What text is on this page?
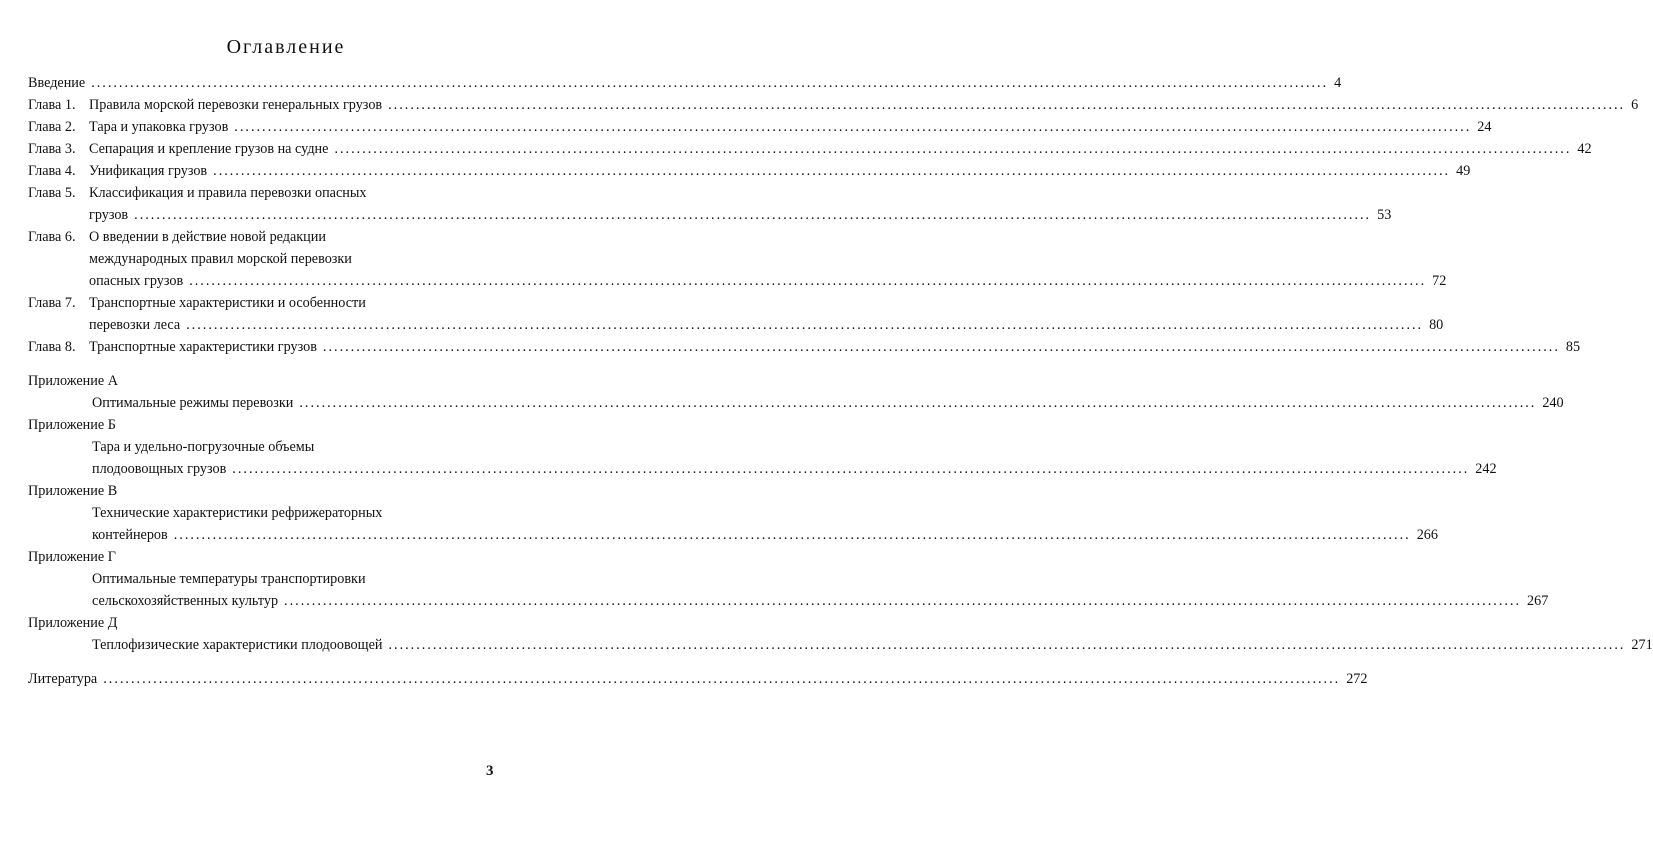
Оглавление
Введение .....	4
Глава 1. Правила морской перевозки генеральных грузов .....	6
Глава 2. Тара и упаковка грузов .....	24
Глава 3. Сепарация и крепление грузов на судне .....	42
Глава 4. Унификация грузов .....	49
Глава 5. Классификация и правила перевозки опасных
грузов .....	53
Глава 6. О введении в действие новой редакции
международных правил морской перевозки
опасных грузов .....	72
Глава 7. Транспортные характеристики и особенности
перевозки леса .....	80
Глава 8. Транспортные характеристики грузов .....	85
Приложение А
Оптимальные режимы перевозки .....	240
Приложение Б
Тара и удельно-погрузочные объемы
плодоовощных грузов .....	242
Приложение В
Технические характеристики рефрижераторных
контейнеров .....	266
Приложение Г
Оптимальные температуры транспортировки
сельскохозяйственных культур .....	267
Приложение Д
Теплофизические характеристики плодоовощей .....	271
Литература .....	272
3
